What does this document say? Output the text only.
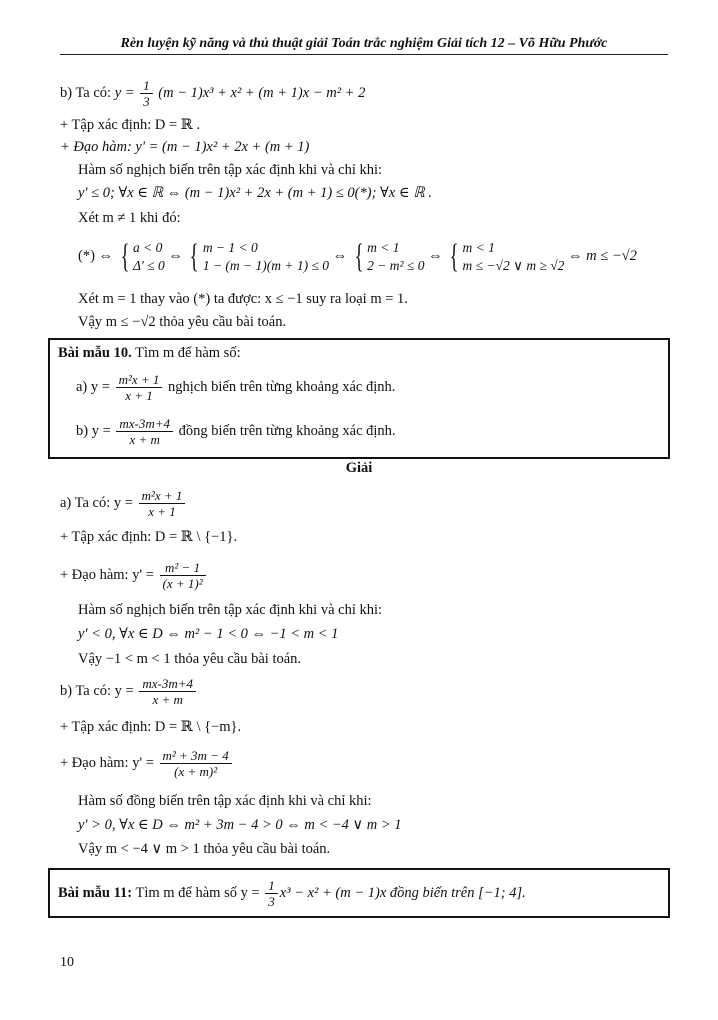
Rèn luyện kỹ năng và thủ thuật giải Toán trắc nghiệm Giải tích 12 – Võ Hữu Phước
b) Ta có: $y = \frac{1}{3} (m - 1)x^3 + x^2 + (m + 1)x - m^2 + 2$
+ Tập xác định: D = ℝ .
+ Đạo hàm: y' = (m − 1)x² + 2x + (m + 1)
Hàm số nghịch biến trên tập xác định khi và chỉ khi:
y' ≤ 0; ∀x ∈ ℝ ⇔ (m − 1)x² + 2x + (m + 1) ≤ 0(*); ∀x ∈ ℝ .
Xét m ≠ 1 khi đó:
(*) ⇔ { a < 0
Δ' ≤ 0
⇔ { m − 1 < 0
1 − (m − 1)(m + 1) ≤ 0
⇔ { m < 1
2 − m² ≤ 0
⇔ { m < 1
m ≤ −√2 ∨ m ≥ √2
⇔ m ≤ −√2
Xét m = 1 thay vào (*) ta được: x ≤ −1 suy ra loại m = 1.
Vậy m ≤ −√2 thỏa yêu cầu bài toán.
Bài mẫu 10. Tìm m để hàm số:
a) $y = \frac{\text{m²x + 1}}{x + 1}$ nghịch biến trên từng khoảng xác định.
b) $y = \frac{mx-3m+4}{x + m}$ đồng biến trên từng khoảng xác định.
Giải
a) Ta có: $y = \frac{\text{m²x + 1}}{x + 1}$
+ Tập xác định: D = ℝ \ {−1}.
+ Đạo hàm: $y' = \frac{\text{m² − 1}}{\text{(x + 1)²}}$
Hàm số nghịch biến trên tập xác định khi và chỉ khi:
y' < 0, ∀x ∈ D ⇔ m² − 1 < 0 ⇔ −1 < m < 1
Vậy −1 < m < 1 thỏa yêu cầu bài toán.
b) Ta có: $y = \frac{mx-3m+4}{x + m}$
+ Tập xác định: D = ℝ \ {−m}.
+ Đạo hàm: $y' = \frac{\text{m² + 3m − 4}}{\text{(x + m)²}}$
Hàm số đồng biến trên tập xác định khi và chỉ khi:
y' > 0, ∀x ∈ D ⇔ m² + 3m − 4 > 0 ⇔ m < −4 ∨ m > 1
Vậy m < −4 ∨ m > 1 thỏa yêu cầu bài toán.
Bài mẫu 11: Tìm m để hàm số $y = \frac{1}{3} x^3 - x^2 + (m - 1)x$ đồng biến trên [−1; 4].
10
